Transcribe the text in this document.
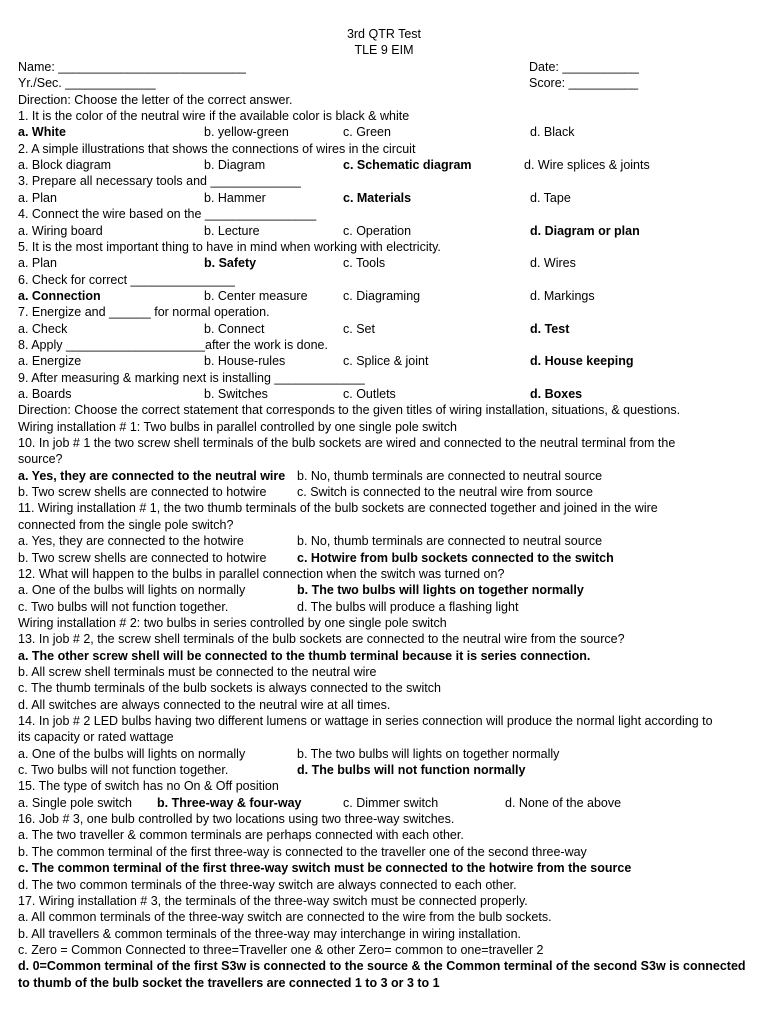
3rd QTR Test
TLE 9 EIM
Name: ___________________________	Date: ___________
Yr./Sec. _____________	Score: __________
Direction: Choose the letter of the correct answer.
1. It is the color of the neutral wire if the available color is black & white
a. White	b. yellow-green	c. Green	d. Black
2. A simple illustrations that shows the connections of wires in the circuit
a. Block diagram	b. Diagram	c. Schematic diagram	d. Wire splices & joints
3. Prepare all necessary tools and _____________
a. Plan	b. Hammer	c. Materials	d. Tape
4. Connect the wire based on the ________________
a. Wiring board	b. Lecture	c. Operation	d. Diagram or plan
5. It is the most important thing to have in mind when working with electricity.
a. Plan	b. Safety	c. Tools	d. Wires
6. Check for correct _______________
a. Connection	b. Center measure	c. Diagraming	d. Markings
7. Energize and ______ for normal operation.
a. Check	b. Connect	c. Set	d. Test
8. Apply ____________________after the work is done.
a. Energize	b. House-rules	c. Splice & joint	d. House keeping
9. After measuring & marking next is installing _____________
a. Boards	b. Switches	c. Outlets	d. Boxes
Direction: Choose the correct statement that corresponds to the given titles of wiring installation, situations, & questions.
Wiring installation # 1: Two bulbs in parallel controlled by one single pole switch
10. In job # 1 the two screw shell terminals of the bulb sockets are wired and connected to the neutral terminal from the
source?
a. Yes, they are connected to the neutral wire b. No, thumb terminals are connected to neutral source
b. Two screw shells are connected to hotwire c. Switch is connected to the neutral wire from source
11. Wiring installation # 1, the two thumb terminals of the bulb sockets are connected together and joined in the wire
connected from the single pole switch?
a. Yes, they are connected to the hotwire	b. No, thumb terminals are connected to neutral source
b. Two screw shells are connected to hotwire c. Hotwire from bulb sockets connected to the switch
12. What will happen to the bulbs in parallel connection when the switch was turned on?
a. One of the bulbs will lights on normally	b. The two bulbs will lights on together normally
c. Two bulbs will not function together.	d. The bulbs will produce a flashing light
Wiring installation # 2: two bulbs in series controlled by one single pole switch
13. In job # 2, the screw shell terminals of the bulb sockets are connected to the neutral wire from the source?
a. The other screw shell will be connected to the thumb terminal because it is series connection.
b. All screw shell terminals must be connected to the neutral wire
c. The thumb terminals of the bulb sockets is always connected to the switch
d. All switches are always connected to the neutral wire at all times.
14. In job # 2 LED bulbs having two different lumens or wattage in series connection will produce the normal light according to
its capacity or rated wattage
a. One of the bulbs will lights on normally	b. The two bulbs will lights on together normally
c. Two bulbs will not function together.	d. The bulbs will not function normally
15. The type of switch has no On & Off position
a. Single pole switch b. Three-way & four-way	c. Dimmer switch	d. None of the above
16. Job # 3, one bulb controlled by two locations using two three-way switches.
a. The two traveller & common terminals are perhaps connected with each other.
b. The common terminal of the first three-way is connected to the traveller one of the second three-way
c. The common terminal of the first three-way switch must be connected to the hotwire from the source
d. The two common terminals of the three-way switch are always connected to each other.
17. Wiring installation # 3, the terminals of the three-way switch must be connected properly.
a. All common terminals of the three-way switch are connected to the wire from the bulb sockets.
b. All travellers & common terminals of the three-way may interchange in wiring installation.
c. Zero = Common Connected to three=Traveller one & other Zero= common to one=traveller 2
d. 0=Common terminal of the first S3w is connected to the source & the Common terminal of the second S3w is connected
to thumb of the bulb socket the travellers are connected 1 to 3 or 3 to 1
